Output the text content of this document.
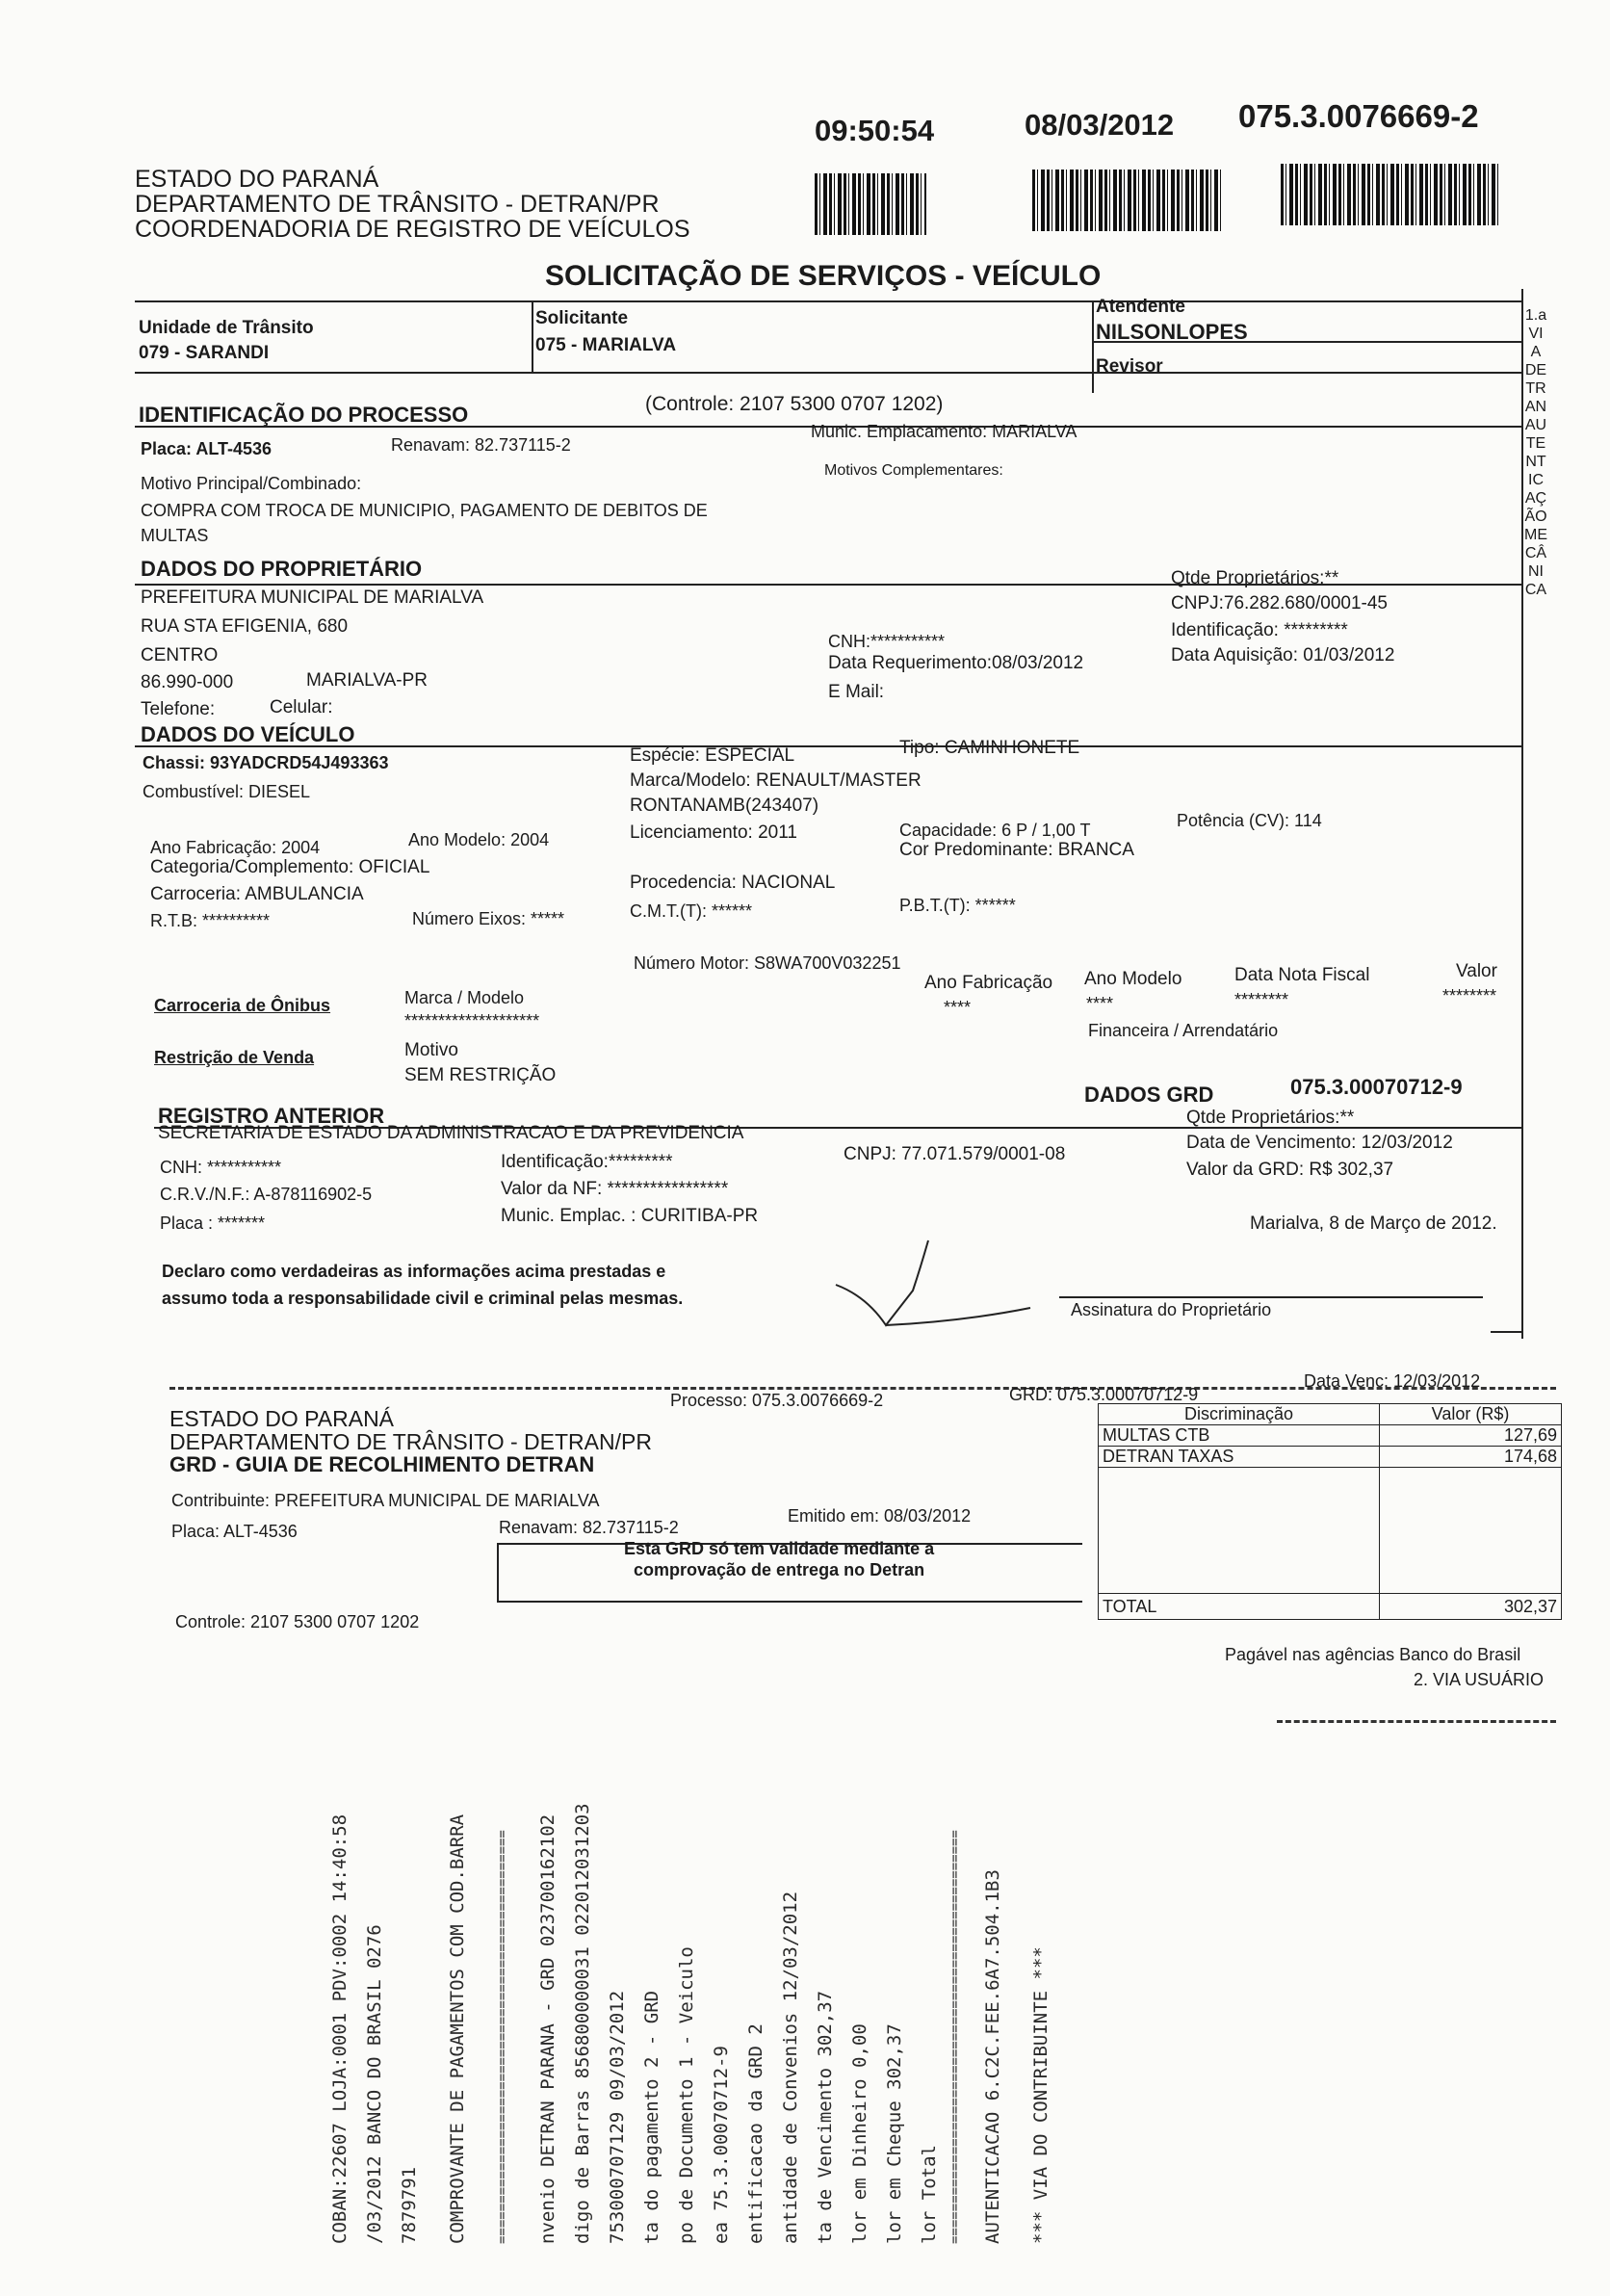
ESTADO DO PARANÁ
DEPARTAMENTO DE TRÂNSITO - DETRAN/PR
COORDENADORIA DE REGISTRO DE VEÍCULOS
09:50:54	08/03/2012 075.3.0076669-2
SOLICITAÇÃO DE SERVIÇOS - VEÍCULO
Unidade de Trânsito
079 - SARANDI
Solicitante
075 - MARIALVA
Atendente
NILSONLOPES
Revisor
1.a VIA DETRAN AUTENTICAÇÃO MECÂNICA
IDENTIFICAÇÃO DO PROCESSO	(Controle: 2107 5300 0707 1202)
Placa: ALT-4536	Renavam: 82.737115-2
Munic. Emplacamento: MARIALVA
Motivo Principal/Combinado:
Motivos Complementares:
COMPRA COM TROCA DE MUNICIPIO, PAGAMENTO DE DEBITOS DE
MULTAS
DADOS DO PROPRIETÁRIO
PREFEITURA MUNICIPAL DE MARIALVA
RUA STA EFIGENIA, 680
CENTRO
86.990-000	MARIALVA-PR
Telefone:	Celular:
CNH:***********
Data Requerimento:08/03/2012
E Mail:
Qtde Proprietários:**
CNPJ:76.282.680/0001-45
Identificação: *********
Data Aquisição: 01/03/2012
DADOS DO VEÍCULO
Chassi: 93YADCRD54J493363
Combustível: DIESEL
Espécie: ESPECIAL	Tipo: CAMINHONETE
Marca/Modelo: RENAULT/MASTER
RONTANAMB(243407)
Ano Fabricação: 2004	Ano Modelo: 2004	Licenciamento: 2011	Capacidade: 6 P / 1,00 T	Potência (CV): 114
Cor Predominante: BRANCA
Categoria/Complemento: OFICIAL
Carroceria: AMBULANCIA
Procedencia: NACIONAL
R.T.B: **********	Número Eixos: *****	C.M.T.(T): ******	P.B.T.(T): ******
Número Motor: S8WA700V032251
Carroceria de Ônibus	Marca / Modelo
********************
Ano Fabricação
****
Ano Modelo
****
Data Nota Fiscal
********
Valor
********
Restrição de Venda	Motivo
SEM RESTRIÇÃO
Financeira / Arrendatário
REGISTRO ANTERIOR
DADOS GRD	075.3.00070712-9
SECRETARIA DE ESTADO DA ADMINISTRACAO E DA PREVIDENCIA
CNH: ***********	Identificação:*********	CNPJ: 77.071.579/0001-08
C.R.V./N.F.: A-878116902-5	Valor da NF: *****************
Placa : *******	Munic. Emplac. : CURITIBA-PR
Qtde Proprietários:**
Data de Vencimento: 12/03/2012
Valor da GRD: R$ 302,37
Marialva, 8 de Março de 2012.
Declaro como verdadeiras as informações acima prestadas e
assumo toda a responsabilidade civil e criminal pelas mesmas.
Assinatura do Proprietário
ESTADO DO PARANÁ
DEPARTAMENTO DE TRÂNSITO - DETRAN/PR
GRD - GUIA DE RECOLHIMENTO DETRAN
Processo: 075.3.0076669-2	GRD: 075.3.00070712-9
Data Venc: 12/03/2012
Contribuinte: PREFEITURA MUNICIPAL DE MARIALVA
Placa: ALT-4536	Renavam: 82.737115-2
Emitido em: 08/03/2012
Esta GRD só tem validade mediante a
comprovação de entrega no Detran
Controle: 2107 5300 0707 1202
Discriminação	Valor (R$)
MULTAS CTB	127,69
DETRAN TAXAS	174,68

TOTAL	302,37
Pagável nas agências Banco do Brasil
2. VIA USUÁRIO
COBAN:22607 LOJA:0001 PDV:0002 14:40:58 /03/2012 BANCO DO BRASIL 0276 7879791 COMPROVANTE DE PAGAMENTOS COM COD.BARRA =================================================== nvenio DETRAN PARANA - GRD 023700162102 digo de Barras 856800000031 022012031203 753000707129 09/03/2012 ta do pagamento 2 - GRD po de Documento 1 - Veiculo ea 75.3.00070712-9 entificacao da GRD 2 antidade de Convenios 12/03/2012 ta de Vencimento 302,37 lor em Dinheiro 0,00 lor em Cheque 302,37 lor Total =================================================== AUTENTICACAO 6.C2C.FEE.6A7.504.1B3 *** VIA DO CONTRIBUINTE ***
